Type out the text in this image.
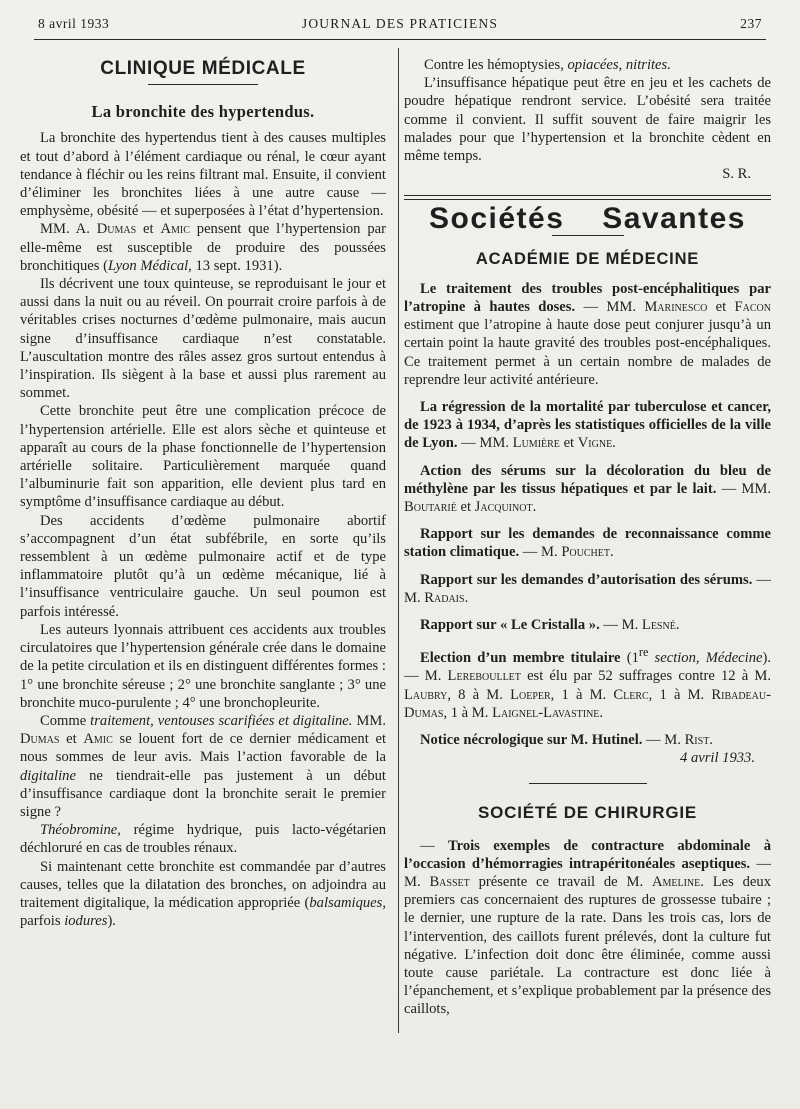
8 avril 1933	JOURNAL DES PRATICIENS	237
CLINIQUE MÉDICALE
La bronchite des hypertendus.

La bronchite des hypertendus tient à des causes multiples et tout d’abord à l’élément cardiaque ou rénal, le cœur ayant tendance à fléchir ou les reins filtrant mal. Ensuite, il convient d’éliminer les bronchites liées à une autre cause — emphysème, obésité — et superposées à l’état d’hypertension.

MM. A. Dumas et Amic pensent que l’hypertension par elle-même est susceptible de produire des poussées bronchitiques (Lyon Médical, 13 sept. 1931).

Ils décrivent une toux quinteuse, se reproduisant le jour et aussi dans la nuit ou au réveil. On pourrait croire parfois à de véritables crises nocturnes d’œdème pulmonaire, mais aucun signe d’insuffisance cardiaque n’est constatable. L’auscultation montre des râles assez gros surtout entendus à l’inspiration. Ils siègent à la base et aussi plus rarement au sommet.

Cette bronchite peut être une complication précoce de l’hypertension artérielle. Elle est alors sèche et quinteuse et apparaît au cours de la phase fonctionnelle de l’hypertension artérielle solitaire. Particulièrement marquée quand l’albuminurie fait son apparition, elle devient plus tard en symptôme d’insuffisance cardiaque au début.

Des accidents d’œdème pulmonaire abortif s’accompagnent d’un état subfébrile, en sorte qu’ils ressemblent à un œdème pulmonaire actif et de type inflammatoire plutôt qu’à un œdème mécanique, lié à l’insuffisance ventriculaire gauche. Un seul poumon est parfois intéressé.

Les auteurs lyonnais attribuent ces accidents aux troubles circulatoires que l’hypertension générale crée dans le domaine de la petite circulation et ils en distinguent différentes formes : 1° une bronchite séreuse ; 2° une bronchite sanglante ; 3° une bronchite muco-purulente ; 4° une bronchopleurite.

Comme traitement, ventouses scarifiées et digitaline. MM. Dumas et Amic se louent fort de ce dernier médicament et nous sommes de leur avis. Mais l’action favorable de la digitaline ne tiendrait-elle pas justement à un début d’insuffisance cardiaque dont la bronchite serait le premier signe ?

Théobromine, régime hydrique, puis lacto-végétarien déchloruré en cas de troubles rénaux.

Si maintenant cette bronchite est commandée par d’autres causes, telles que la dilatation des bronches, on adjoindra au traitement digitalique, la médication appropriée (balsamiques, parfois iodures).

Contre les hémoptysies, opiacées, nitrites.

L’insuffisance hépatique peut être en jeu et les cachets de poudre hépatique rendront service. L’obésité sera traitée comme il convient. Il suffit souvent de faire maigrir les malades pour que l’hypertension et la bronchite cèdent en même temps.

S. R.
Sociétés Savantes
ACADÉMIE DE MÉDECINE

Le traitement des troubles post-encéphalitiques par l’atropine à hautes doses. — MM. Marinesco et Facon estiment que l’atropine à haute dose peut conjurer jusqu’à un certain point la haute gravité des troubles post-encéphaliques. Ce traitement permet à un certain nombre de malades de reprendre leur activité antérieure.

La régression de la mortalité par tuberculose et cancer, de 1923 à 1934, d’après les statistiques officielles de la ville de Lyon. — MM. Lumière et Vigne.

Action des sérums sur la décoloration du bleu de méthylène par les tissus hépatiques et par le lait. — MM. Boutarié et Jacquinot.

Rapport sur les demandes de reconnaissance comme station climatique. — M. Pouchet.

Rapport sur les demandes d’autorisation des sérums. — M. Radais.

Rapport sur « Le Cristalla ». — M. Lesné.

Election d’un membre titulaire (1re section, Médecine). — M. Lereboullet est élu par 52 suffrages contre 12 à M. Laubry, 8 à M. Loeper, 1 à M. Clerc, 1 à M. Ribadeau-Dumas, 1 à M. Laignel-Lavastine.

Notice nécrologique sur M. Hutinel. — M. Rist.

4 avril 1933.
SOCIÉTÉ DE CHIRURGIE

— Trois exemples de contracture abdominale à l’occasion d’hémorragies intrapéritonéales aseptiques. — M. Basset présente ce travail de M. Ameline. Les deux premiers cas concernaient des ruptures de grossesse tubaire ; le dernier, une rupture de la rate. Dans les trois cas, lors de l’intervention, des caillots furent prélevés, dont la culture fut négative. L’infection doit donc être éliminée, comme aussi toute cause pariétale. La contracture est donc liée à l’épanchement, et s’explique probablement par la présence des caillots,
